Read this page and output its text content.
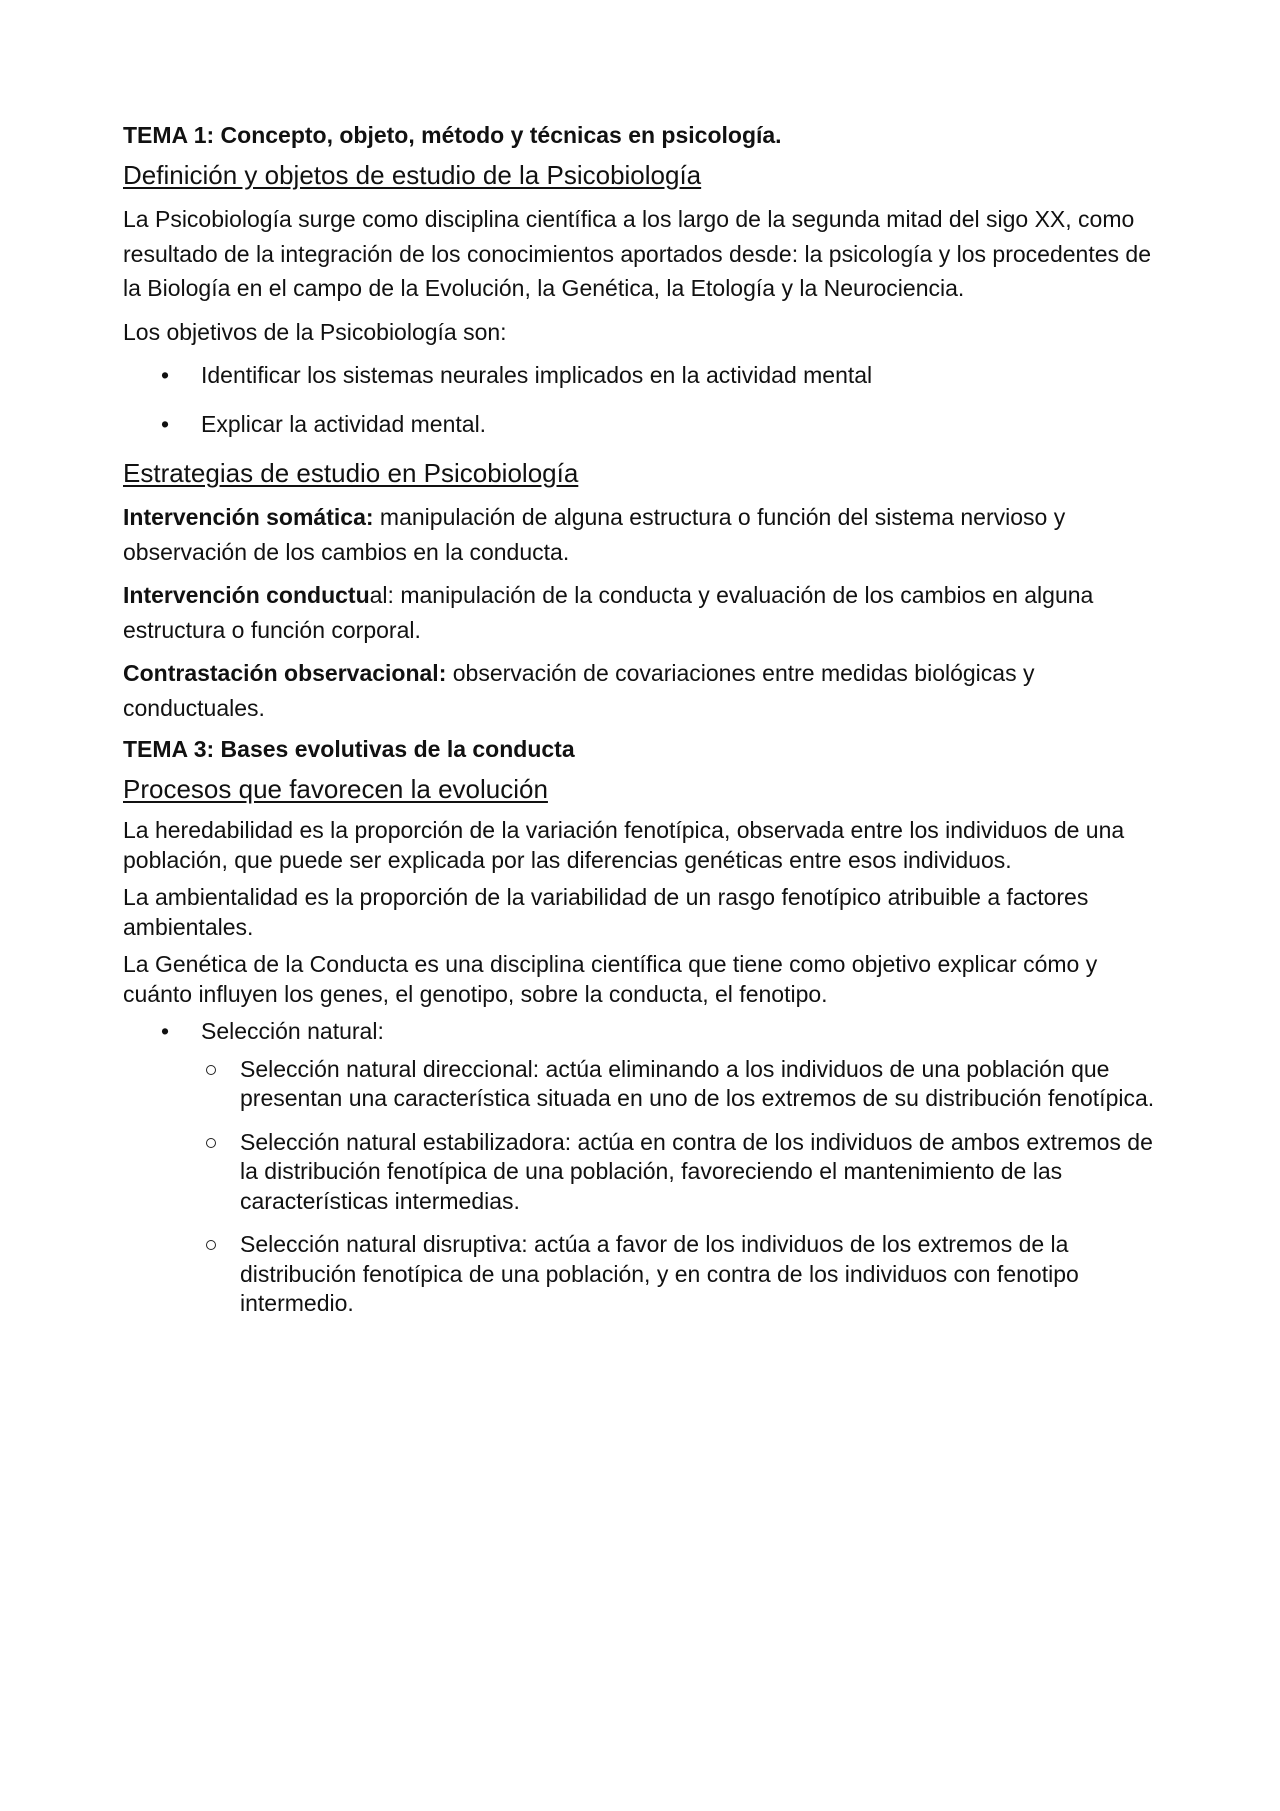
TEMA 1: Concepto, objeto, método y técnicas en psicología.
Definición y objetos de estudio de la Psicobiología

La Psicobiología surge como disciplina científica a los largo de la segunda mitad del sigo XX, como resultado de la integración de los conocimientos aportados desde: la psicología y los procedentes de la Biología en el campo de la Evolución, la Genética, la Etología y la Neurociencia.

Los objetivos de la Psicobiología son:

• Identificar los sistemas neurales implicados en la actividad mental
• Explicar la actividad mental.
Estrategias de estudio en Psicobiología

Intervención somática: manipulación de alguna estructura o función del sistema nervioso y observación de los cambios en la conducta.

Intervención conductual: manipulación de la conducta y evaluación de los cambios en alguna estructura o función corporal.

Contrastación observacional: observación de covariaciones entre medidas biológicas y conductuales.

TEMA 3: Bases evolutivas de la conducta
Procesos que favorecen la evolución

La heredabilidad es la proporción de la variación fenotípica, observada entre los individuos de una población, que puede ser explicada por las diferencias genéticas entre esos individuos.

La ambientalidad es la proporción de la variabilidad de un rasgo fenotípico atribuible a factores ambientales.

La Genética de la Conducta es una disciplina científica que tiene como objetivo explicar cómo y cuánto influyen los genes, el genotipo, sobre la conducta, el fenotipo.

• Selección natural:
Selección natural direccional: actúa eliminando a los individuos de una población que presentan una característica situada en uno de los extremos de su distribución fenotípica.
Selección natural estabilizadora: actúa en contra de los individuos de ambos extremos de la distribución fenotípica de una población, favoreciendo el mantenimiento de las características intermedias.
Selección natural disruptiva: actúa a favor de los individuos de los extremos de la distribución fenotípica de una población, y en contra de los individuos con fenotipo intermedio.
